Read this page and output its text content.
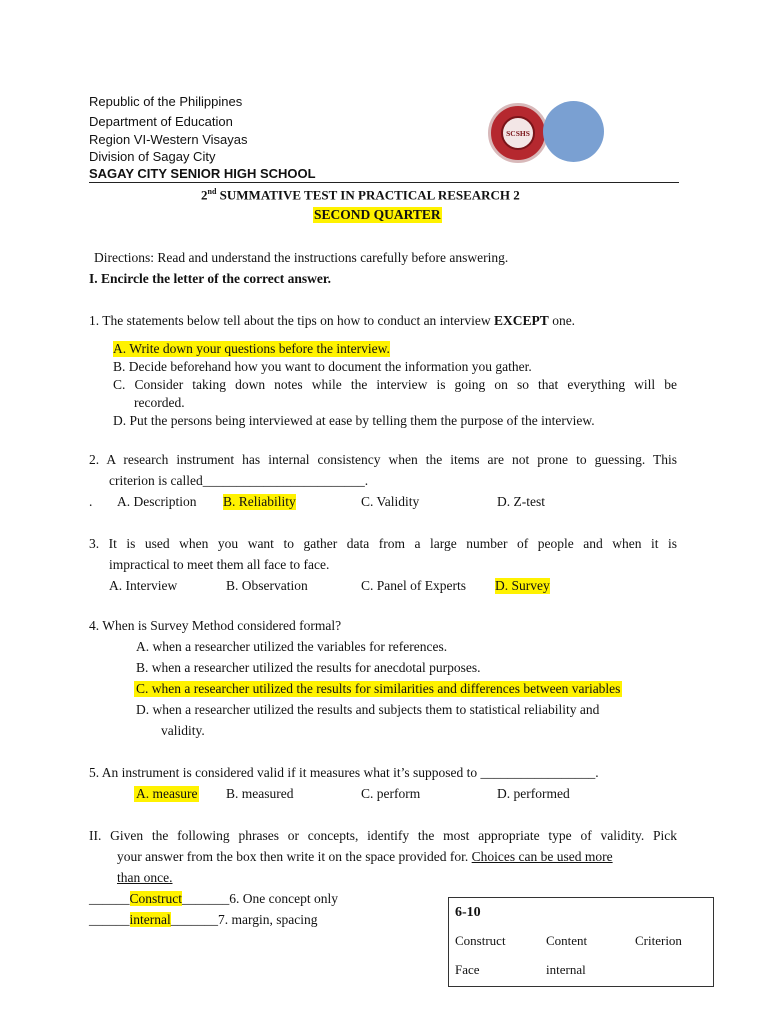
Republic of the Philippines
Department of Education
Region VI-Western Visayas
Division of Sagay City
SAGAY CITY SENIOR HIGH SCHOOL
SCSHS
2nd SUMMATIVE TEST IN PRACTICAL RESEARCH 2
SECOND QUARTER
Directions: Read and understand the instructions carefully before answering.
I. Encircle the letter of the correct answer.
1. The statements below tell about the tips on how to conduct an interview EXCEPT one.
A. Write down your questions before the interview.
B. Decide beforehand how you want to document the information you gather.
C. Consider taking down notes while the interview is going on so that everything will be
recorded.
D. Put the persons being interviewed at ease by telling them the purpose of the interview.
2. A research instrument has internal consistency when the items are not prone to guessing. This
criterion is called________________________.
. A. Description B. Reliability	C. Validity	D. Z-test
3. It is used when you want to gather data from a large number of people and when it is
impractical to meet them all face to face.
A. Interview	B. Observation	C. Panel of Experts D. Survey
4. When is Survey Method considered formal?
A. when a researcher utilized the variables for references.
B. when a researcher utilized the results for anecdotal purposes.
C. when a researcher utilized the results for similarities and differences between variables
D. when a researcher utilized the results and subjects them to statistical reliability and
validity.
5. An instrument is considered valid if it measures what it’s supposed to _________________.
A. measure B. measured	C. perform	D. performed
II. Given the following phrases or concepts, identify the most appropriate type of validity. Pick
your answer from the box then write it on the space provided for. Choices can be used more
than once.
______Construct_______6. One concept only
______internal_______7. margin, spacing	6-10
Construct	Content	Criterion
Face	internal
